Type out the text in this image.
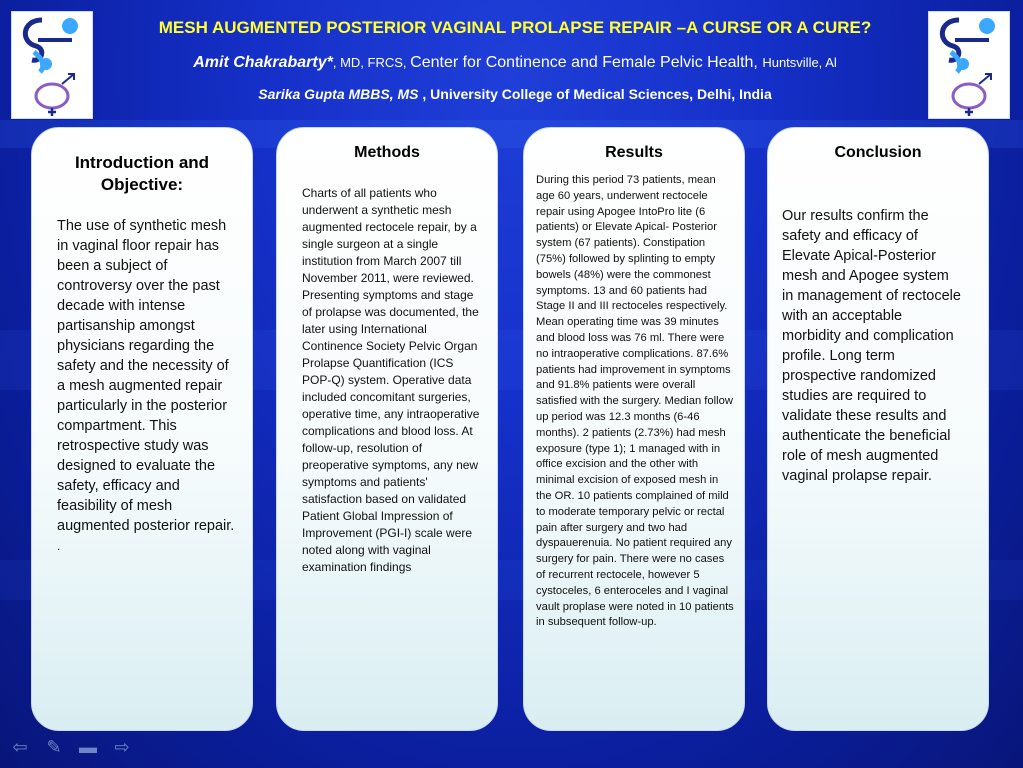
MESH AUGMENTED POSTERIOR VAGINAL PROLAPSE REPAIR –A CURSE OR A CURE?
Amit Chakrabarty*, MD, FRCS, Center for Continence and Female Pelvic Health, Huntsville, Al
Sarika Gupta MBBS, MS , University College of Medical Sciences, Delhi, India
Introduction and Objective:
The use of synthetic mesh in vaginal floor repair has been a subject of controversy over the past decade with intense partisanship amongst physicians regarding the safety and the necessity of a mesh augmented repair particularly in the posterior compartment. This retrospective study was designed to evaluate the safety, efficacy and feasibility of mesh augmented posterior repair.
.
Methods
Charts of all patients who underwent a synthetic mesh augmented rectocele repair, by a single surgeon at a single institution from March 2007 till November 2011, were reviewed. Presenting symptoms and stage of prolapse was documented, the later using International Continence Society Pelvic Organ Prolapse Quantification (ICS POP-Q) system. Operative data included concomitant surgeries, operative time, any intraoperative complications and blood loss. At follow-up, resolution of preoperative symptoms, any new symptoms and patients' satisfaction based on validated Patient Global Impression of Improvement (PGI-I) scale were noted along with vaginal examination findings
Results
During this period 73 patients, mean age 60 years, underwent rectocele repair using Apogee IntoPro lite (6 patients) or Elevate Apical- Posterior system (67 patients). Constipation (75%) followed by splinting to empty bowels (48%) were the commonest symptoms. 13 and 60 patients had Stage II and III rectoceles respectively. Mean operating time was 39 minutes and blood loss was 76 ml. There were no intraoperative complications. 87.6% patients had improvement in symptoms and 91.8% patients were overall satisfied with the surgery. Median follow up period was 12.3 months (6-46 months). 2 patients (2.73%) had mesh exposure (type 1); 1 managed with in office excision and the other with minimal excision of exposed mesh in the OR. 10 patients complained of mild to moderate temporary pelvic or rectal pain after surgery and two had dyspauerenuia. No patient required any surgery for pain. There were no cases of recurrent rectocele, however 5 cystoceles, 6 enteroceles and I vaginal vault proplase were noted in 10 patients in subsequent follow-up.
Conclusion
Our results confirm the safety and efficacy of Elevate Apical-Posterior mesh and Apogee system in management of rectocele with an acceptable morbidity and complication profile. Long term prospective randomized studies are required to validate these results and authenticate the beneficial role of mesh augmented vaginal prolapse repair.
⇦ ✎ ▬ ⇨
